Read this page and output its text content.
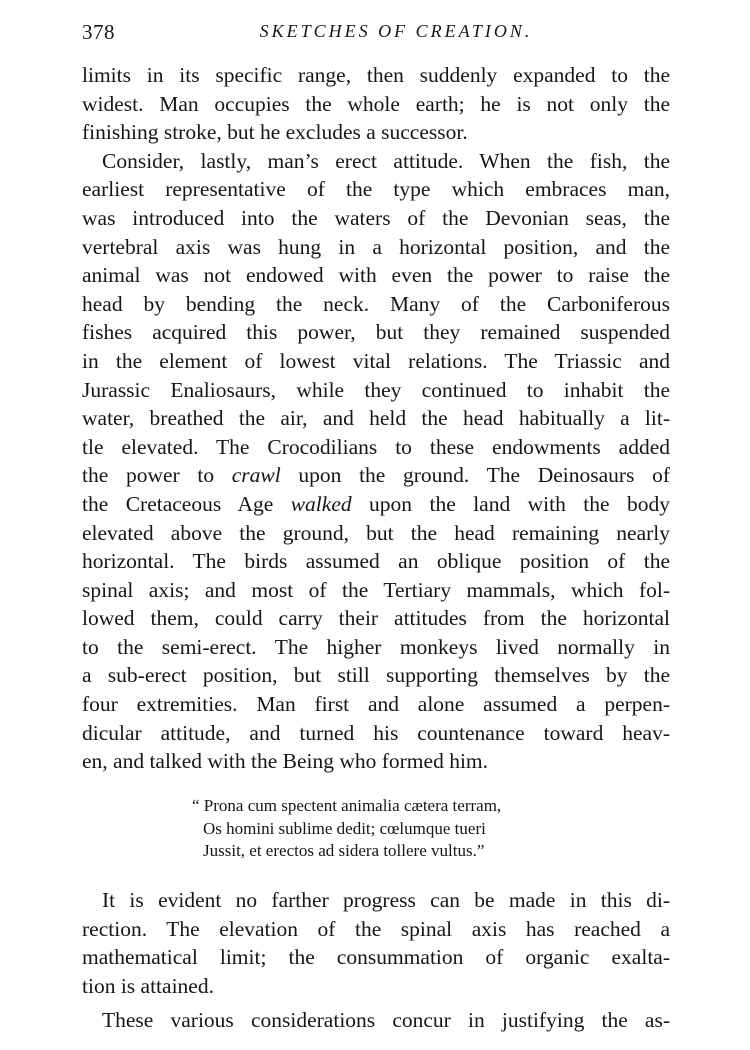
378	SKETCHES OF CREATION.
limits in its specific range, then suddenly expanded to the
widest. Man occupies the whole earth; he is not only the
finishing stroke, but he excludes a successor.
Consider, lastly, man’s erect attitude. When the fish, the
earliest representative of the type which embraces man,
was introduced into the waters of the Devonian seas, the
vertebral axis was hung in a horizontal position, and the
animal was not endowed with even the power to raise the
head by bending the neck. Many of the Carboniferous
fishes acquired this power, but they remained suspended
in the element of lowest vital relations. The Triassic and
Jurassic Enaliosaurs, while they continued to inhabit the
water, breathed the air, and held the head habitually a lit-
tle elevated. The Crocodilians to these endowments added
the power to crawl upon the ground. The Deinosaurs of
the Cretaceous Age walked upon the land with the body
elevated above the ground, but the head remaining nearly
horizontal. The birds assumed an oblique position of the
spinal axis; and most of the Tertiary mammals, which fol-
lowed them, could carry their attitudes from the horizontal
to the semi-erect. The higher monkeys lived normally in
a sub-erect position, but still supporting themselves by the
four extremities. Man first and alone assumed a perpen-
dicular attitude, and turned his countenance toward heav-
en, and talked with the Being who formed him.
“ Prona cum spectent animalia cætera terram,
Os homini sublime dedit; cœlumque tueri
Jussit, et erectos ad sidera tollere vultus.”
It is evident no farther progress can be made in this di-
rection. The elevation of the spinal axis has reached a
mathematical limit; the consummation of organic exalta-
tion is attained.
These various considerations concur in justifying the as-
